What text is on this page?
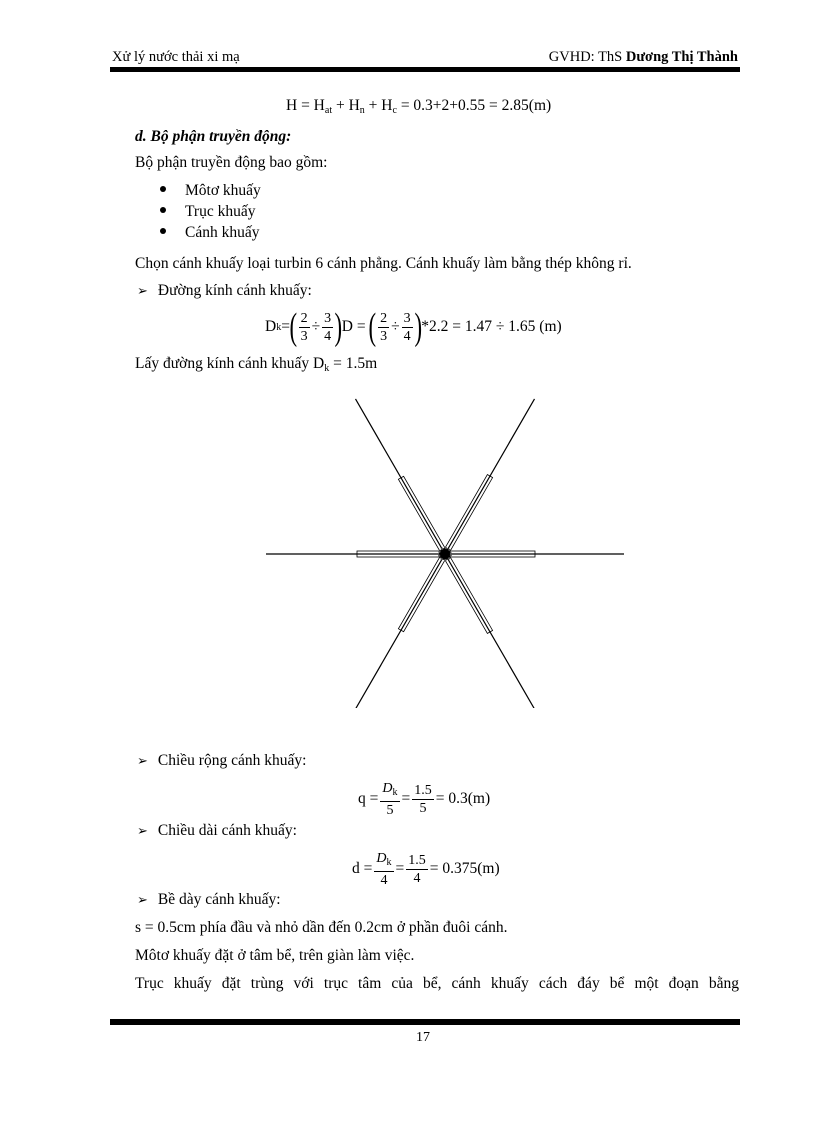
Xử lý nước thải xi mạ	GVHD: ThS Dương Thị Thành
$H = H_{at} + H_n + H_c = 0.3+2+0.55 = 2.85(m)$
d. Bộ phận truyền động:
Bộ phận truyền động bao gồm:
Môtơ khuấy
Trục khuấy
Cánh khuấy
Chọn cánh khuấy loại turbin 6 cánh phẳng. Cánh khuấy làm bằng thép không rỉ.
➢ Đường kính cánh khuấy:
D k = ( $\frac{2}{3} \div \frac{3}{4}$ ) D =
( $\frac{2}{3} \div \frac{3}{4}$ ) *2.2 = 1.47 ÷ 1.65 (m)
Lấy đường kính cánh khuấy $D_k = 1.5m$
➢ Chiều rộng cánh khuấy:
$q = \frac{D_k}{5} = \frac{1.5}{5} = 0.3(m)$
➢ Chiều dài cánh khuấy:
$d = \frac{D_k}{4} = \frac{1.5}{4} = 0.375(m)$
➢ Bề dày cánh khuấy:
s = 0.5cm phía đầu và nhỏ dần đến 0.2cm ở phần đuôi cánh.
Môtơ khuấy đặt ở tâm bể, trên giàn làm việc.
Trục khuấy đặt trùng với trục tâm của bể, cánh khuấy cách đáy bể một đoạn bằng
17
